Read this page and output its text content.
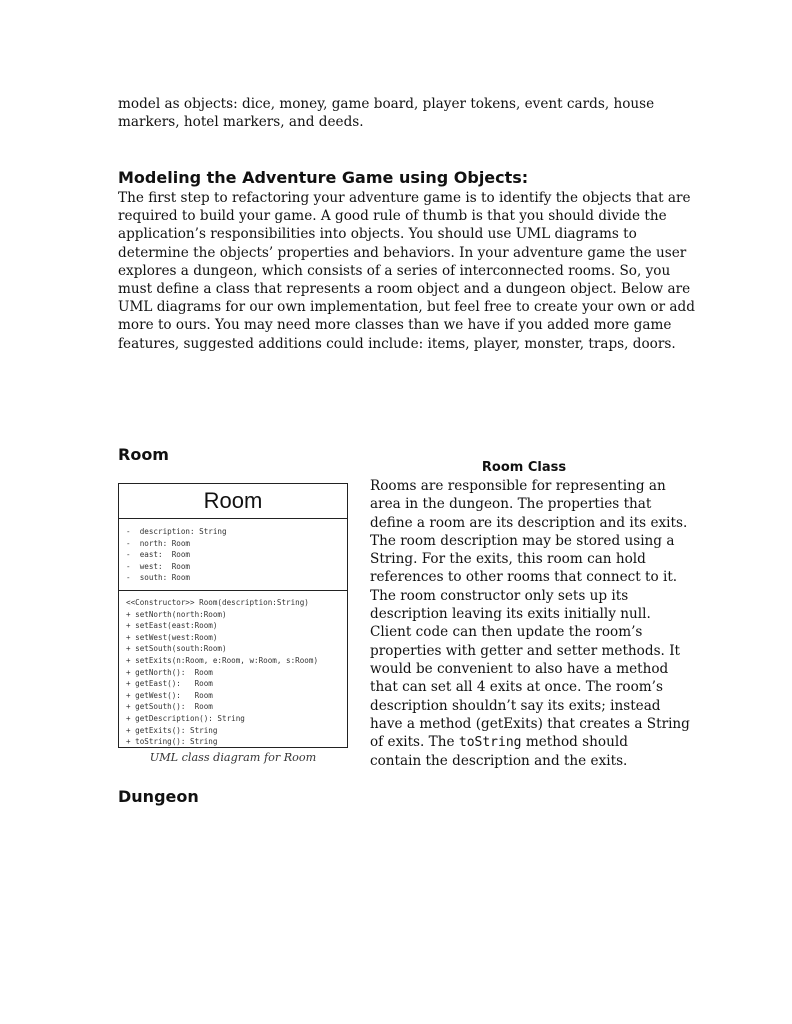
model as objects: dice, money, game board, player tokens, event cards, house
markers, hotel markers, and deeds.
Modeling the Adventure Game using Objects:
The first step to refactoring your adventure game is to identify the objects that are
required to build your game. A good rule of thumb is that you should divide the
application’s responsibilities into objects. You should use UML diagrams to
determine the objects’ properties and behaviors. In your adventure game the user
explores a dungeon, which consists of a series of interconnected rooms. So, you
must define a class that represents a room object and a dungeon object. Below are
UML diagrams for our own implementation, but feel free to create your own or add
more to ours. You may need more classes than we have if you added more game
features, suggested additions could include: items, player, monster, traps, doors.
Room
Room
-  description: String
-  north: Room
-  east:  Room
-  west:  Room
-  south: Room
<<Constructor>> Room(description:String)
+ setNorth(north:Room)
+ setEast(east:Room)
+ setWest(west:Room)
+ setSouth(south:Room)
+ setExits(n:Room, e:Room, w:Room, s:Room)
+ getNorth():  Room
+ getEast():   Room
+ getWest():   Room
+ getSouth():  Room
+ getDescription(): String
+ getExits(): String
+ toString(): String
UML class diagram for Room
Room Class
Rooms are responsible for representing an
area in the dungeon. The properties that
define a room are its description and its exits.
The room description may be stored using a
String. For the exits, this room can hold
references to other rooms that connect to it.
The room constructor only sets up its
description leaving its exits initially null.
Client code can then update the room’s
properties with getter and setter methods. It
would be convenient to also have a method
that can set all 4 exits at once. The room’s
description shouldn’t say its exits; instead
have a method (getExits) that creates a String
of exits. The toString method should
contain the description and the exits.
Dungeon
